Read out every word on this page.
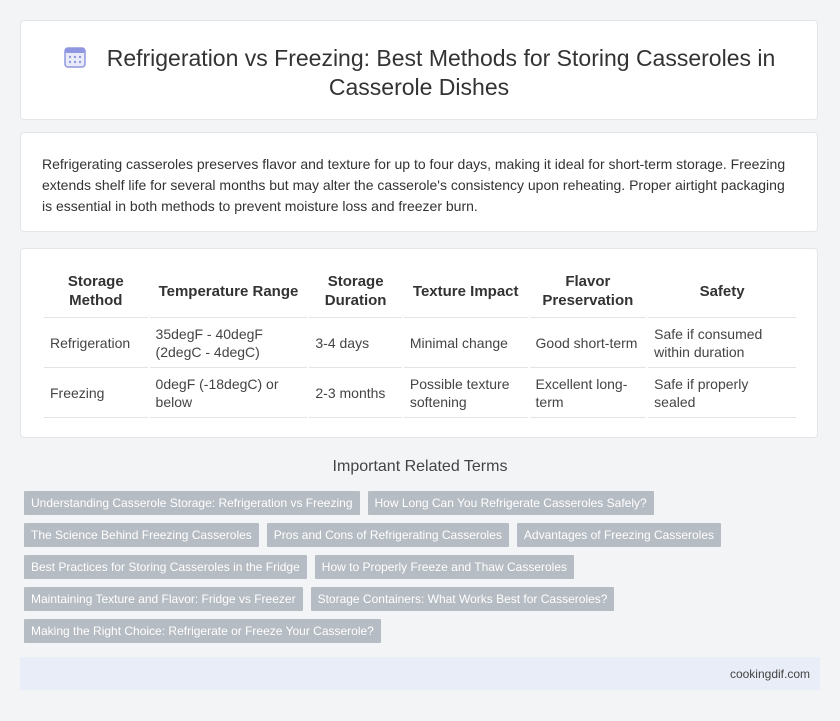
Refrigeration vs Freezing: Best Methods for Storing Casseroles in Casserole Dishes
Refrigerating casseroles preserves flavor and texture for up to four days, making it ideal for short-term storage. Freezing extends shelf life for several months but may alter the casserole's consistency upon reheating. Proper airtight packaging is essential in both methods to prevent moisture loss and freezer burn.
Storage Method	Temperature Range	Storage Duration	Texture Impact	Flavor Preservation	Safety
Refrigeration	35degF - 40degF (2degC - 4degC)	3-4 days	Minimal change	Good short-term	Safe if consumed within duration
Freezing	0degF (-18degC) or below	2-3 months	Possible texture softening	Excellent long-term	Safe if properly sealed
Important Related Terms
Understanding Casserole Storage: Refrigeration vs Freezing	How Long Can You Refrigerate Casseroles Safely?
The Science Behind Freezing Casseroles	Pros and Cons of Refrigerating Casseroles	Advantages of Freezing Casseroles
Best Practices for Storing Casseroles in the Fridge	How to Properly Freeze and Thaw Casseroles
Maintaining Texture and Flavor: Fridge vs Freezer	Storage Containers: What Works Best for Casseroles?
Making the Right Choice: Refrigerate or Freeze Your Casserole?
cookingdif.com
